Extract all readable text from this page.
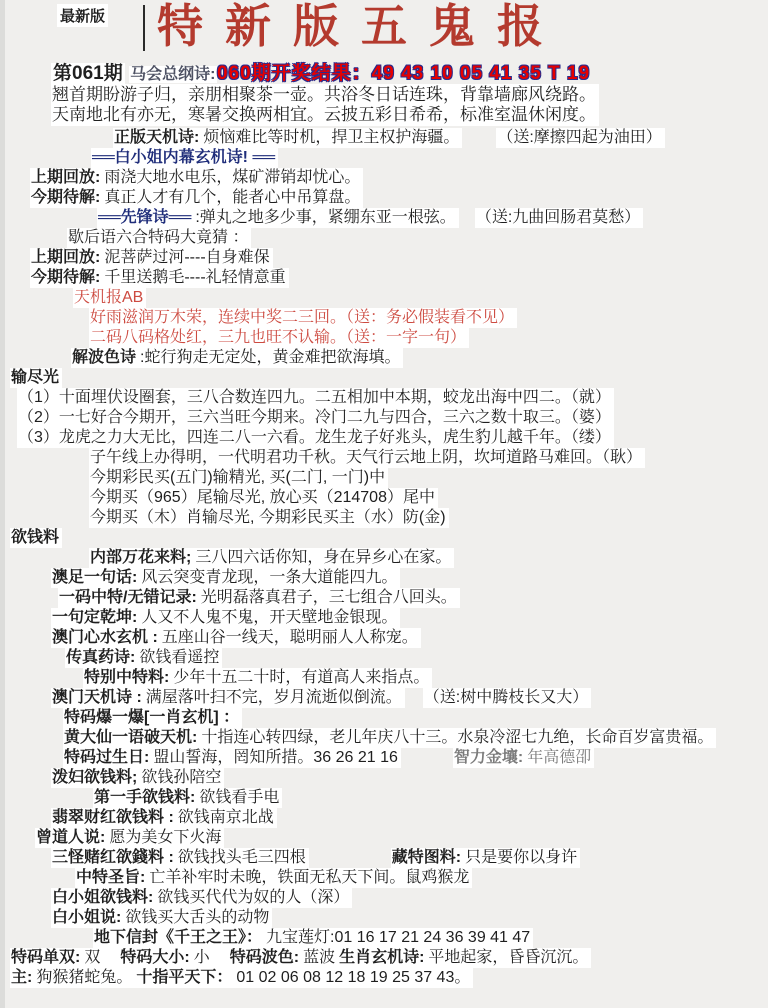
最新版 特新版五鬼报
第061期 马会总纲诗: 060期开奖结果：49 43 10 05 41 35 T 19
翘首期盼游子归，亲朋相聚茶一壶。共浴冬日话连珠，背靠墙廊风绕路。
天南地北有亦无，寒暑交换两相宜。云披五彩日希希，标准室温休闲度。
正版天机诗: 烦恼难比等时机，捍卫主权护海疆。 （送:摩擦四起为油田）
══白小姐内幕玄机诗! ══
上期回放: 雨浇大地水电乐，煤矿滞销却忧心。
今期待解: 真正人才有几个，能者心中吊算盘。
══先锋诗══ :弹丸之地多少事，紧绷东亚一根弦。 （送:九曲回肠君莫愁）
歇后语六合特码大竟猜 ：
上期回放: 泥菩萨过河----自身难保
今期待解: 千里送鹅毛----礼轻情意重
天机报AB
好雨滋润万木荣，连续中奖二三回。（送：务必假装看不见）
二码八码格处红，三九也旺不认输。（送：一字一句）
解波色诗:蛇行狗走无定处，黄金难把欲海填。
输尽光
（1）十面埋伏设圈套，三八合数连四九。二五相加中本期，蛟龙出海中四二。（就）
（2）一七好合今期开，三六当旺今期来。冷门二九与四合，三六之数十取三。（婆）
（3）龙虎之力大无比，四连二八一六看。龙生龙子好兆头，虎生豹儿越千年。（缕）
子午线上办得明，一代明君功千秋。天气行云地上阴，坎坷道路马难回。（耿）
今期彩民买(五门)输精光, 买(二门, 一门)中
今期买（965）尾输尽光, 放心买（214708）尾中
今期买（木）肖输尽光, 今期彩民买主（水）防(金)
欲钱料
内部万花来料; 三八四六话你知，身在异乡心在家。
澳足一句话: 风云突变青龙现，一条大道能四九。
一码中特/无错记录: 光明磊落真君子，三七组合八回头。
一句定乾坤: 人又不人鬼不鬼，开天壁地金银现。
澳门心水玄机 : 五座山谷一线天，聪明丽人人称宠。
传真药诗: 欲钱看遥控
特别中特料: 少年十五二十时，有道高人来指点。
澳门天机诗 : 满屋落叶扫不完，岁月流逝似倒流。 （送:树中腾枝长又大）
特码爆一爆[一肖玄机] ：
黄大仙一语破天机: 十指连心转四绿，老儿年庆八十三。水泉冷涩七九绝，长命百岁富贵福。
特码过生日: 盟山誓海，罔知所措。36 26 21 16	智力金壤: 年高德卲
泼妇欲钱料; 欲钱孙陪空
第一手欲钱料:欲钱看手电
翡翠财红欲钱料 : 欲钱南京北战
曾道人说: 愿为美女下火海
三怪赌红欲錢料 : 欲钱找头毛三四根	藏特图料: 只是要你以身许
中特圣旨: 亡羊补牢时未晚，铁面无私天下间。鼠鸡猴龙
白小姐欲钱料: 欲钱买代代为奴的人（深）
白小姐说: 欲钱买大舌头的动物
地下信封《千王之王》： 九宝莲灯:01 16 17 21 24 36 39 41 47
特码单双:双　特码大小:小　特码波色:蓝波 生肖玄机诗: 平地起家，昏昏沉沉。
主: 狗猴猪蛇兔。十指平天下： 01 02 06 08 12 18 19 25 37 43。
